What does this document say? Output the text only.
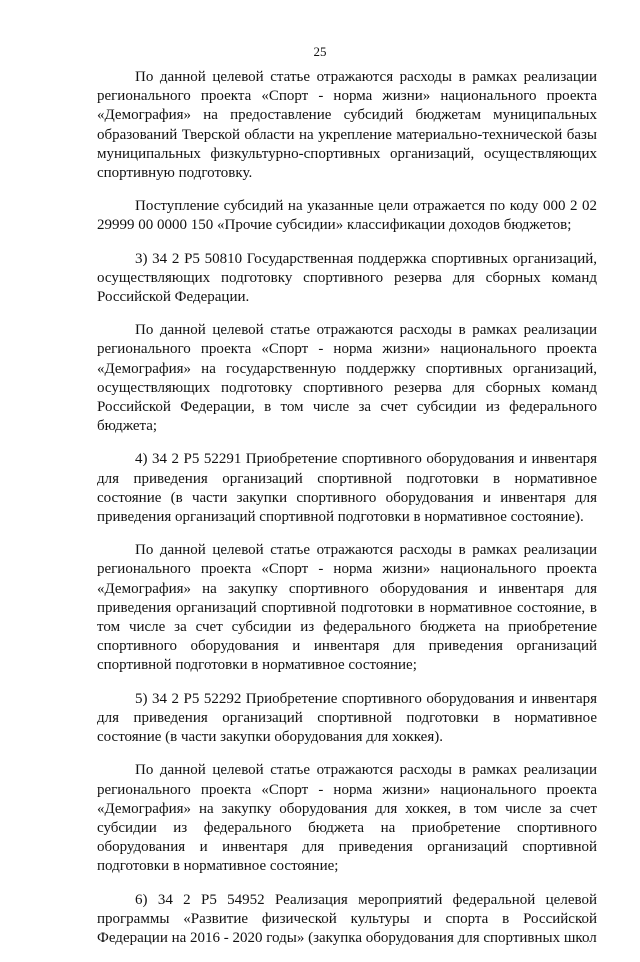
25

По данной целевой статье отражаются расходы в рамках реализации регионального проекта «Спорт - норма жизни» национального проекта «Демография» на предоставление субсидий бюджетам муниципальных образований Тверской области на укрепление материально-технической базы муниципальных физкультурно-спортивных организаций, осуществляющих спортивную подготовку.

Поступление субсидий на указанные цели отражается по коду 000 2 02 29999 00 0000 150 «Прочие субсидии» классификации доходов бюджетов;

3) 34 2 P5 50810 Государственная поддержка спортивных организаций, осуществляющих подготовку спортивного резерва для сборных команд Российской Федерации.

По данной целевой статье отражаются расходы в рамках реализации регионального проекта «Спорт - норма жизни» национального проекта «Демография» на государственную поддержку спортивных организаций, осуществляющих подготовку спортивного резерва для сборных команд Российской Федерации, в том числе за счет субсидии из федерального бюджета;

4) 34 2 P5 52291 Приобретение спортивного оборудования и инвентаря для приведения организаций спортивной подготовки в нормативное состояние (в части закупки спортивного оборудования и инвентаря для приведения организаций спортивной подготовки в нормативное состояние).

По данной целевой статье отражаются расходы в рамках реализации регионального проекта «Спорт - норма жизни» национального проекта «Демография» на закупку спортивного оборудования и инвентаря для приведения организаций спортивной подготовки в нормативное состояние, в том числе за счет субсидии из федерального бюджета на приобретение спортивного оборудования и инвентаря для приведения организаций спортивной подготовки в нормативное состояние;

5) 34 2 P5 52292 Приобретение спортивного оборудования и инвентаря для приведения организаций спортивной подготовки в нормативное состояние (в части закупки оборудования для хоккея).

По данной целевой статье отражаются расходы в рамках реализации регионального проекта «Спорт - норма жизни» национального проекта «Демография» на закупку оборудования для хоккея, в том числе за счет субсидии из федерального бюджета на приобретение спортивного оборудования и инвентаря для приведения организаций спортивной подготовки в нормативное состояние;

6) 34 2 P5 54952 Реализация мероприятий федеральной целевой программы «Развитие физической культуры и спорта в Российской Федерации на 2016 - 2020 годы» (закупка оборудования для спортивных школ
